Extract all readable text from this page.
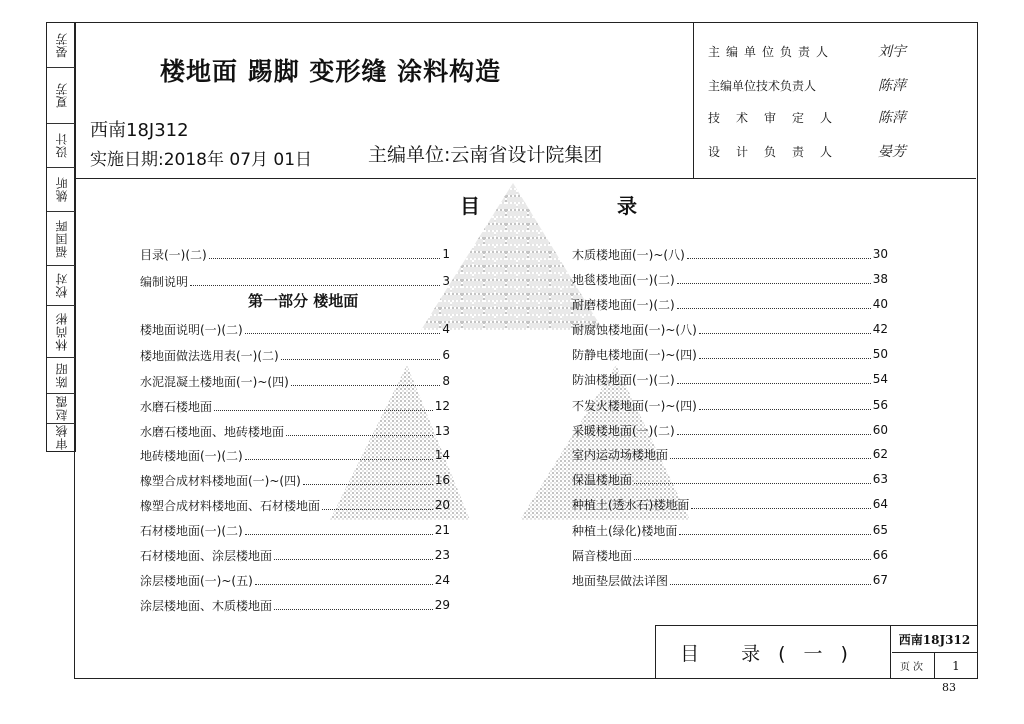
晏芳
夏芳
设计
姚昕
福国晖
校对
林尚彬
陈昭
赵霞
审核
楼地面 踢脚 变形缝 涂料构造
西南18J312
实施日期:2018年 07月 01日	主编单位:云南省设计院集团
主编单位负责人	刘宇
主编单位技术负责人	陈萍
技术审定人 陈萍
设计负责人 晏芳
目	录
第一部分 楼地面
目录(一)(二)	1
编制说明	3
楼地面说明(一)(二)	4
楼地面做法选用表(一)(二)	6
水泥混凝土楼地面(一)~(四)	8
水磨石楼地面	12
水磨石楼地面、地砖楼地面	13
地砖楼地面(一)(二)	14
橡塑合成材料楼地面(一)~(四)	16
橡塑合成材料楼地面、石材楼地面	20
石材楼地面(一)(二)	21
石材楼地面、涂层楼地面	23
涂层楼地面(一)~(五)	24
涂层楼地面、木质楼地面	29
木质楼地面(一)~(八)	30
地毯楼地面(一)(二)	38
耐磨楼地面(一)(二)	40
耐腐蚀楼地面(一)~(八)	42
防静电楼地面(一)~(四)	50
防油楼地面(一)(二)	54
不发火楼地面(一)~(四)	56
采暖楼地面(一)(二)	60
室内运动场楼地面	62
保温楼地面	63
种植土(透水石)楼地面	64
种植土(绿化)楼地面	65
隔音楼地面	66
地面垫层做法详图	67
目 录(一)
西南18J312
页次	1
83
